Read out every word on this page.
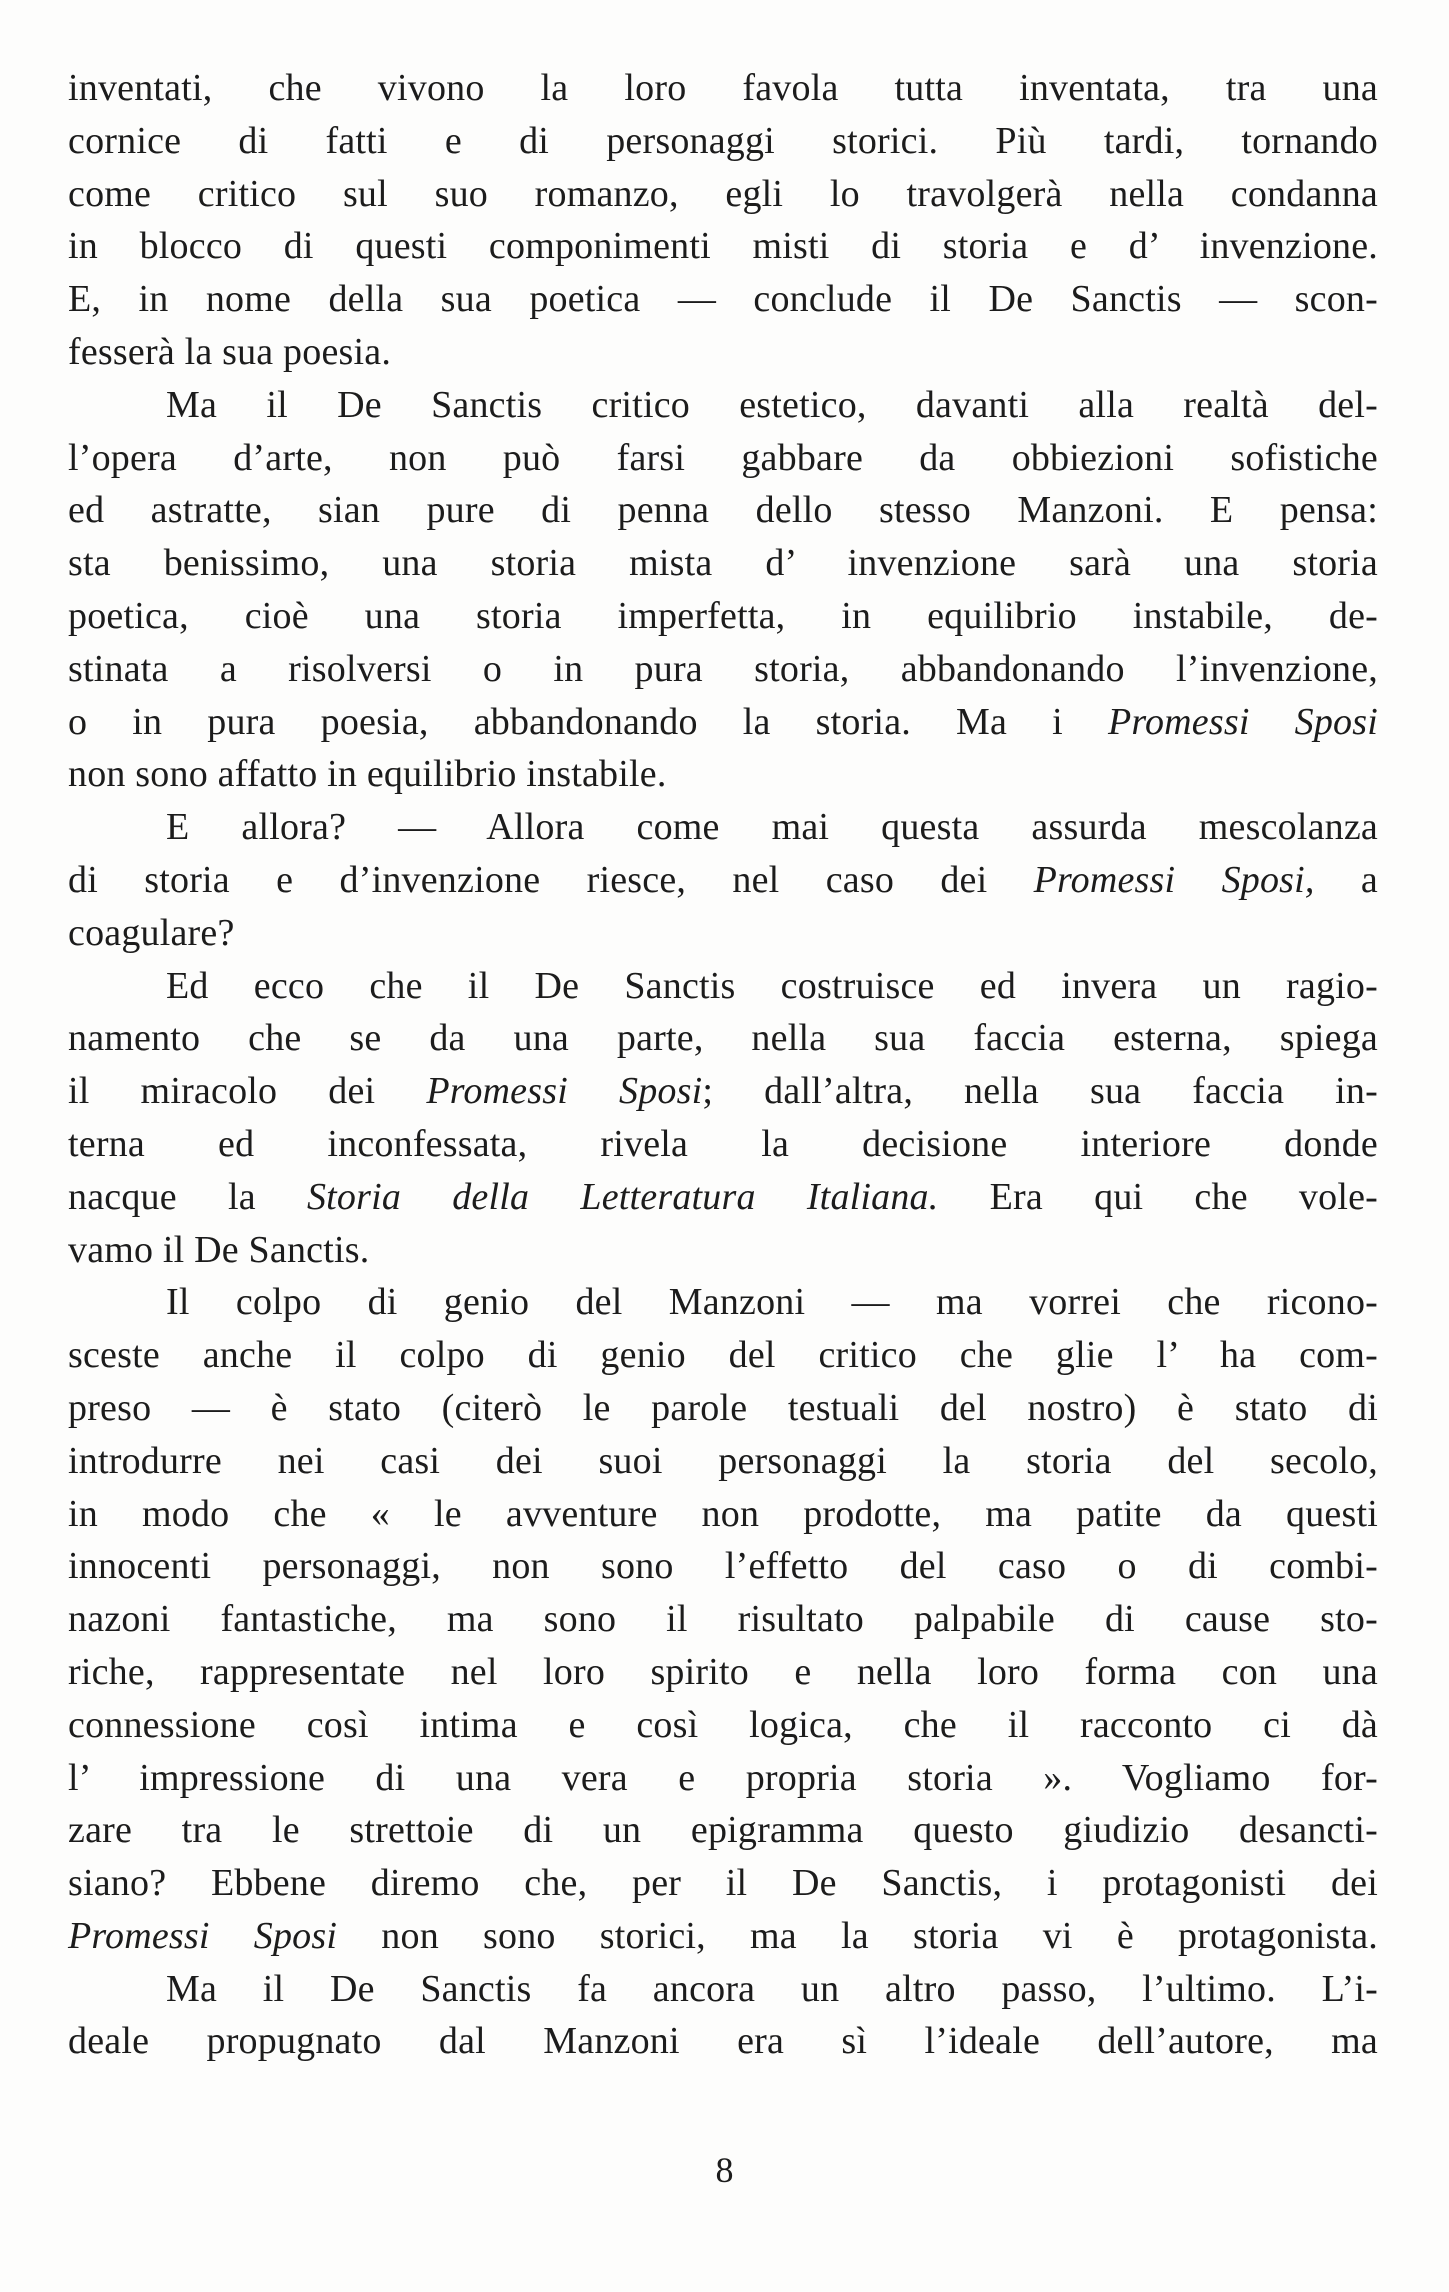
inventati, che vivono la loro favola tutta inventata, tra una
cornice di fatti e di personaggi storici. Più tardi, tornando
come critico sul suo romanzo, egli lo travolgerà nella condanna
in blocco di questi componimenti misti di storia e d’ invenzione.
E, in nome della sua poetica — conclude il De Sanctis — scon-
fesserà la sua poesia.
Ma il De Sanctis critico estetico, davanti alla realtà del-
l’opera d’arte, non può farsi gabbare da obbiezioni sofistiche
ed astratte, sian pure di penna dello stesso Manzoni. E pensa:
sta benissimo, una storia mista d’ invenzione sarà una storia
poetica, cioè una storia imperfetta, in equilibrio instabile, de-
stinata a risolversi o in pura storia, abbandonando l’invenzione,
o in pura poesia, abbandonando la storia. Ma i Promessi Sposi
non sono affatto in equilibrio instabile.
E allora? — Allora come mai questa assurda mescolanza
di storia e d’invenzione riesce, nel caso dei Promessi Sposi, a
coagulare?
Ed ecco che il De Sanctis costruisce ed invera un ragio-
namento che se da una parte, nella sua faccia esterna, spiega
il miracolo dei Promessi Sposi; dall’altra, nella sua faccia in-
terna ed inconfessata, rivela la decisione interiore donde
nacque la Storia della Letteratura Italiana. Era qui che vole-
vamo il De Sanctis.
Il colpo di genio del Manzoni — ma vorrei che ricono-
sceste anche il colpo di genio del critico che glie l’ ha com-
preso — è stato (citerò le parole testuali del nostro) è stato di
introdurre nei casi dei suoi personaggi la storia del secolo,
in modo che « le avventure non prodotte, ma patite da questi
innocenti personaggi, non sono l’effetto del caso o di combi-
nazoni fantastiche, ma sono il risultato palpabile di cause sto-
riche, rappresentate nel loro spirito e nella loro forma con una
connessione così intima e così logica, che il racconto ci dà
l’ impressione di una vera e propria storia ». Vogliamo for-
zare tra le strettoie di un epigramma questo giudizio desancti-
siano? Ebbene diremo che, per il De Sanctis, i protagonisti dei
Promessi Sposi non sono storici, ma la storia vi è protagonista.
Ma il De Sanctis fa ancora un altro passo, l’ultimo. L’i-
deale propugnato dal Manzoni era sì l’ideale dell’autore, ma
8
